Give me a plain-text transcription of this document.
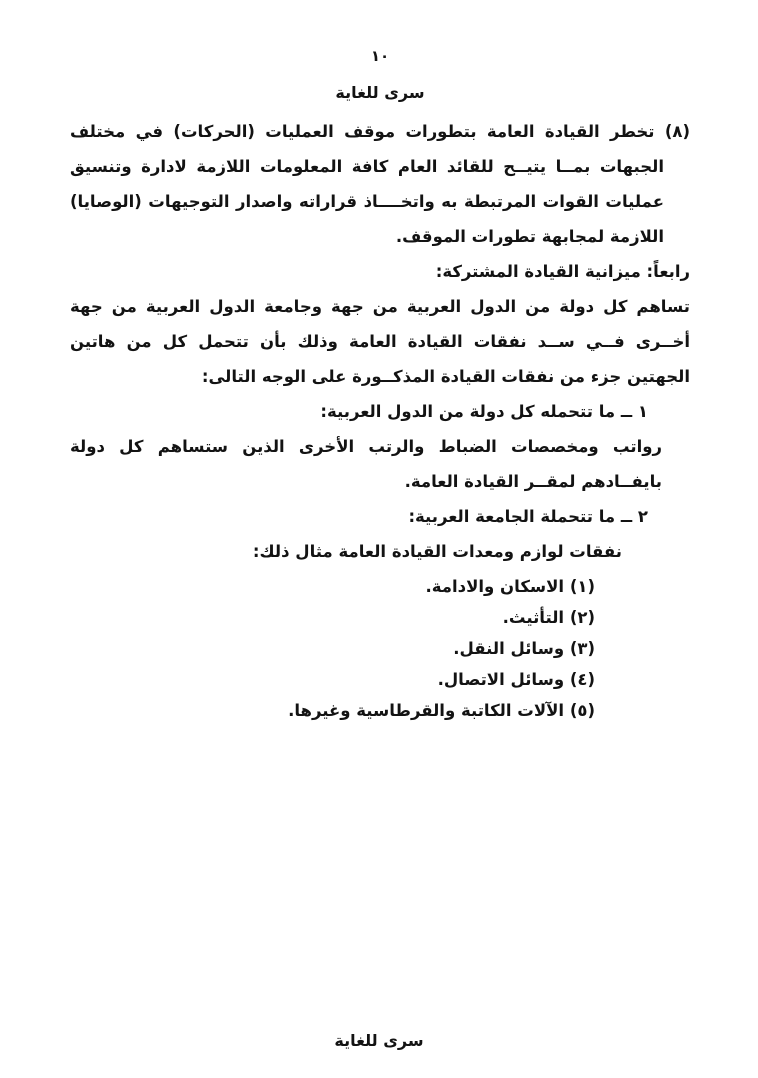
١٠
سرى للغاية

(٨) تخطر القيادة العامة بتطورات موقف العمليات (الحركات) في مختلف الجبهات بمــا يتيــح للقائد العام كافة المعلومات اللازمة لادارة وتنسيق عمليات القوات المرتبطة به واتخــــاذ قراراته واصدار التوجيهات (الوصايا) اللازمة لمجابهة تطورات الموقف.

رابعاً: ميزانية القيادة المشتركة:

تساهم كل دولة من الدول العربية من جهة وجامعة الدول العربية من جهة أخــرى فــي ســد نفقات القيادة العامة وذلك بأن تتحمل كل من هاتين الجهتين جزء من نفقات القيادة المذكــورة على الوجه التالى:

١ ــ ما تتحمله كل دولة من الدول العربية:

رواتب ومخصصات الضباط والرتب الأخرى الذين ستساهم كل دولة بايفــادهم لمقــر القيادة العامة.

٢ ــ ما تتحملة الجامعة العربية:

نفقات لوازم ومعدات القيادة العامة مثال ذلك:

(١) الاسكان والادامة.

(٢) التأثيث.

(٣) وسائل النقل.

(٤) وسائل الاتصال.

(٥) الآلات الكاتبة والقرطاسية وغيرها.

سرى للغاية
